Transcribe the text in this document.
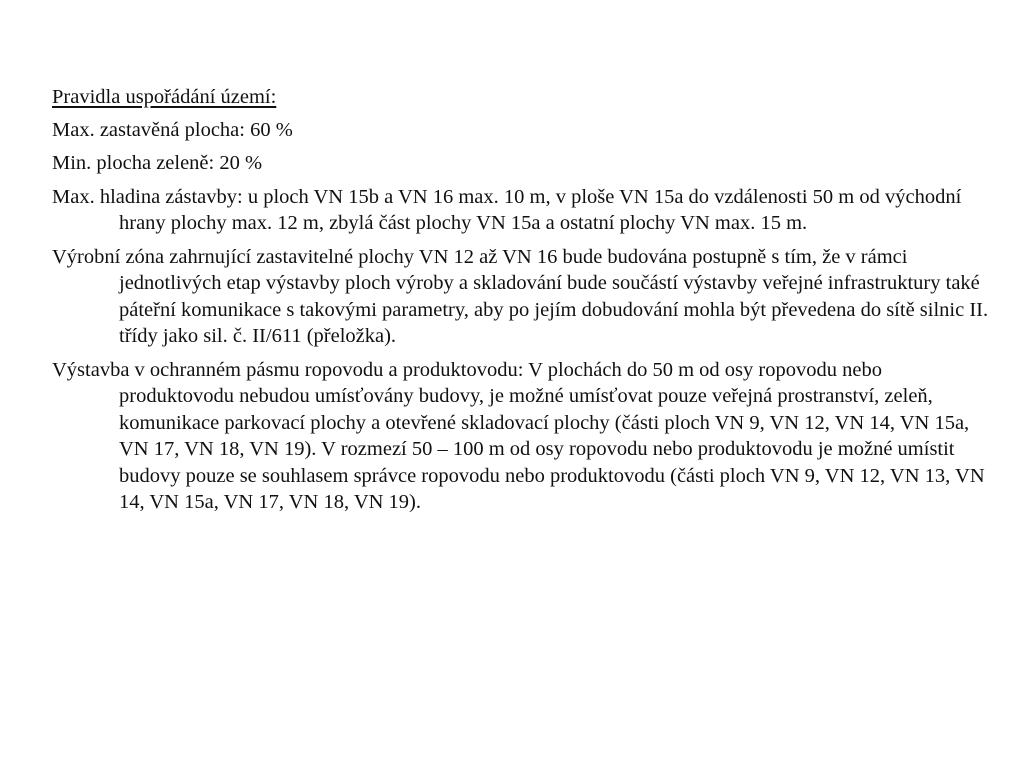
Pravidla uspořádání území:

Max. zastavěná plocha: 60 %

Min. plocha zeleně: 20 %

Max. hladina zástavby: u ploch VN 15b a VN 16 max. 10 m, v ploše VN 15a do vzdálenosti 50 m od východní hrany plochy max. 12 m, zbylá část plochy VN 15a a ostatní plochy VN max. 15 m.

Výrobní zóna zahrnující zastavitelné plochy VN 12 až VN 16 bude budována postupně s tím, že v rámci jednotlivých etap výstavby ploch výroby a skladování bude součástí výstavby veřejné infrastruktury také páteřní komunikace s takovými parametry, aby po jejím dobudování mohla být převedena do sítě silnic II. třídy jako sil. č. II/611 (přeložka).

Výstavba v ochranném pásmu ropovodu a produktovodu: V plochách do 50 m od osy ropovodu nebo produktovodu nebudou umísťovány budovy, je možné umísťovat pouze veřejná prostranství, zeleň, komunikace parkovací plochy a otevřené skladovací plochy (části ploch VN 9, VN 12, VN 14, VN 15a, VN 17, VN 18, VN 19). V rozmezí 50 – 100 m od osy ropovodu nebo produktovodu je možné umístit budovy pouze se souhlasem správce ropovodu nebo produktovodu (části ploch VN 9, VN 12, VN 13, VN 14, VN 15a, VN 17, VN 18, VN 19).
